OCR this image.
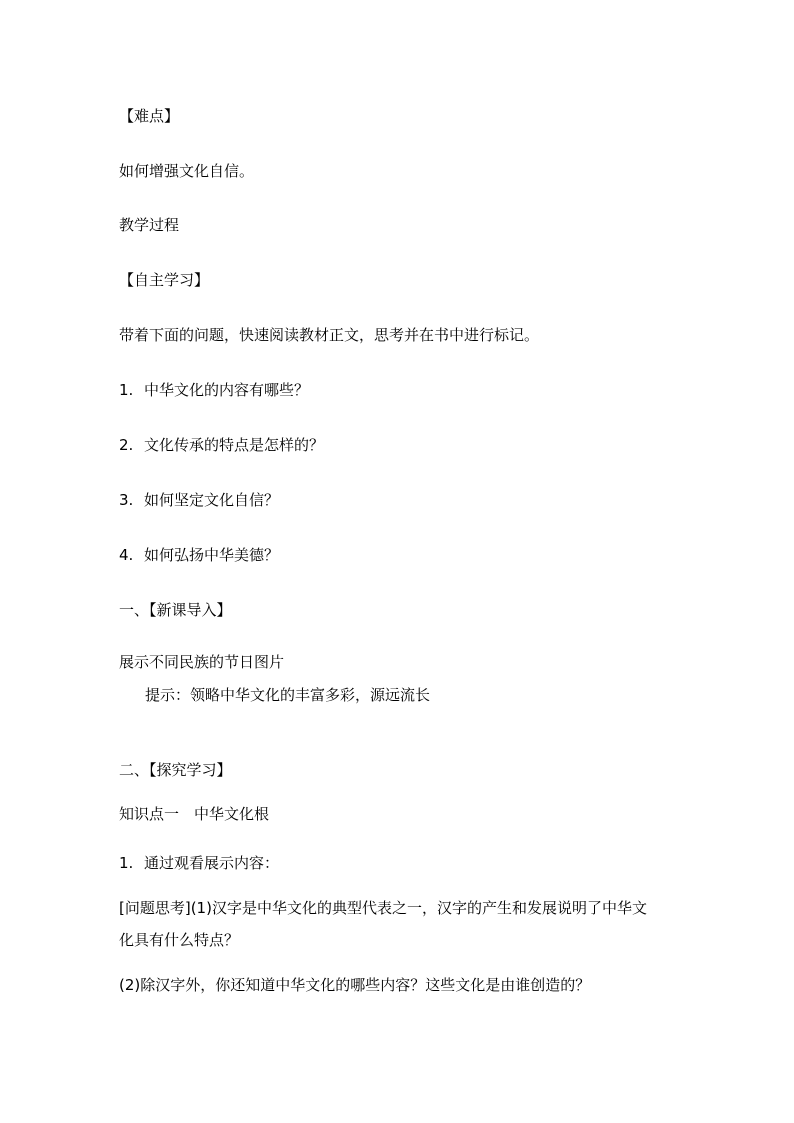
【难点】
如何增强文化自信。
教学过程
【自主学习】
带着下面的问题，快速阅读教材正文，思考并在书中进行标记。
1. 中华文化的内容有哪些？
2. 文化传承的特点是怎样的？
3. 如何坚定文化自信？
4. 如何弘扬中华美德？
一、【新课导入】
展示不同民族的节日图片
提示：领略中华文化的丰富多彩，源远流长
二、【探究学习】
知识点一　中华文化根
1. 通过观看展示内容：
[问题思考](1)汉字是中华文化的典型代表之一，汉字的产生和发展说明了中华文
化具有什么特点？
(2)除汉字外，你还知道中华文化的哪些内容？这些文化是由谁创造的？
